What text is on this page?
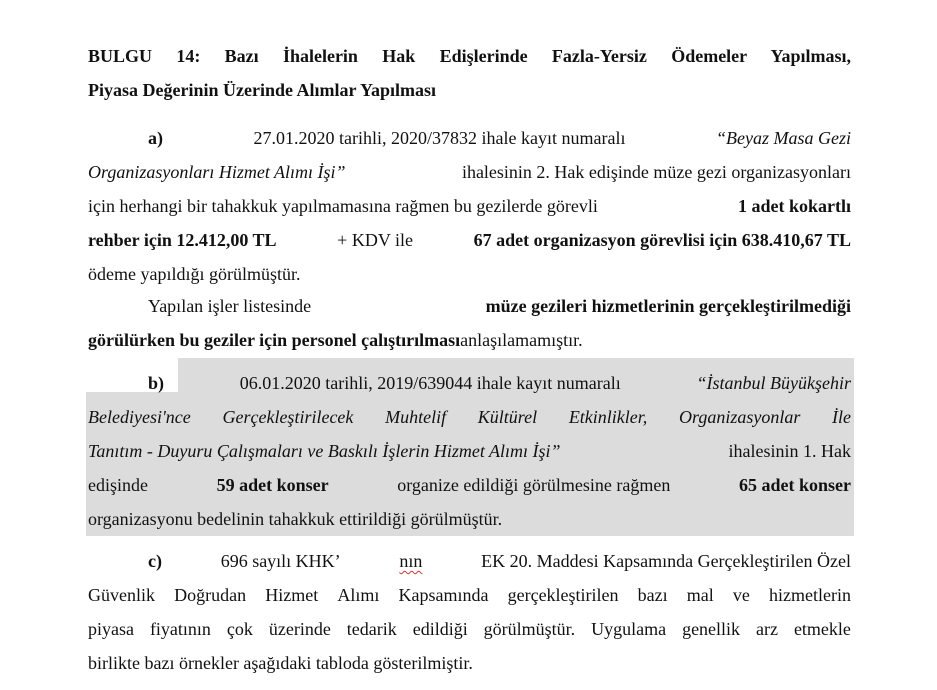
BULGU 14: Bazı İhalelerin Hak Edişlerinde Fazla-Yersiz Ödemeler Yapılması,
Piyasa Değerinin Üzerinde Alımlar Yapılması
a)	27.01.2020 tarihli, 2020/37832 ihale kayıt numaralı	“Beyaz Masa Gezi
Organizasyonları Hizmet Alımı İşi”	ihalesinin 2. Hak edişinde müze gezi organizasyonları
için herhangi bir tahakkuk yapılmamasına rağmen bu gezilerde görevli	1 adet kokartlı
rehber için 12.412,00 TL	+ KDV ile	67 adet organizasyon görevlisi için 638.410,67 TL
ödeme yapıldığı görülmüştür.
Yapılan işler listesinde	müze gezileri hizmetlerinin gerçekleştirilmediği
görülürken bu geziler için personel çalıştırılması anlaşılamamıştır.
b)	06.01.2020 tarihli, 2019/639044 ihale kayıt numaralı	“İstanbul Büyükşehir
Belediyesi'nce Gerçekleştirilecek Muhtelif Kültürel Etkinlikler, Organizasyonlar İle
Tanıtım - Duyuru Çalışmaları ve Baskılı İşlerin Hizmet Alımı İşi”	ihalesinin 1. Hak
edişinde	59 adet konser	organize edildiği görülmesine rağmen	65 adet konser
organizasyonu bedelinin tahakkuk ettirildiği görülmüştür.
c)	696 sayılı KHK’	nın	EK 20. Maddesi Kapsamında Gerçekleştirilen Özel
Güvenlik Doğrudan Hizmet Alımı Kapsamında gerçekleştirilen bazı mal ve hizmetlerin
piyasa fiyatının çok üzerinde tedarik edildiği görülmüştür. Uygulama genellik arz etmekle
birlikte bazı örnekler aşağıdaki tabloda gösterilmiştir.
